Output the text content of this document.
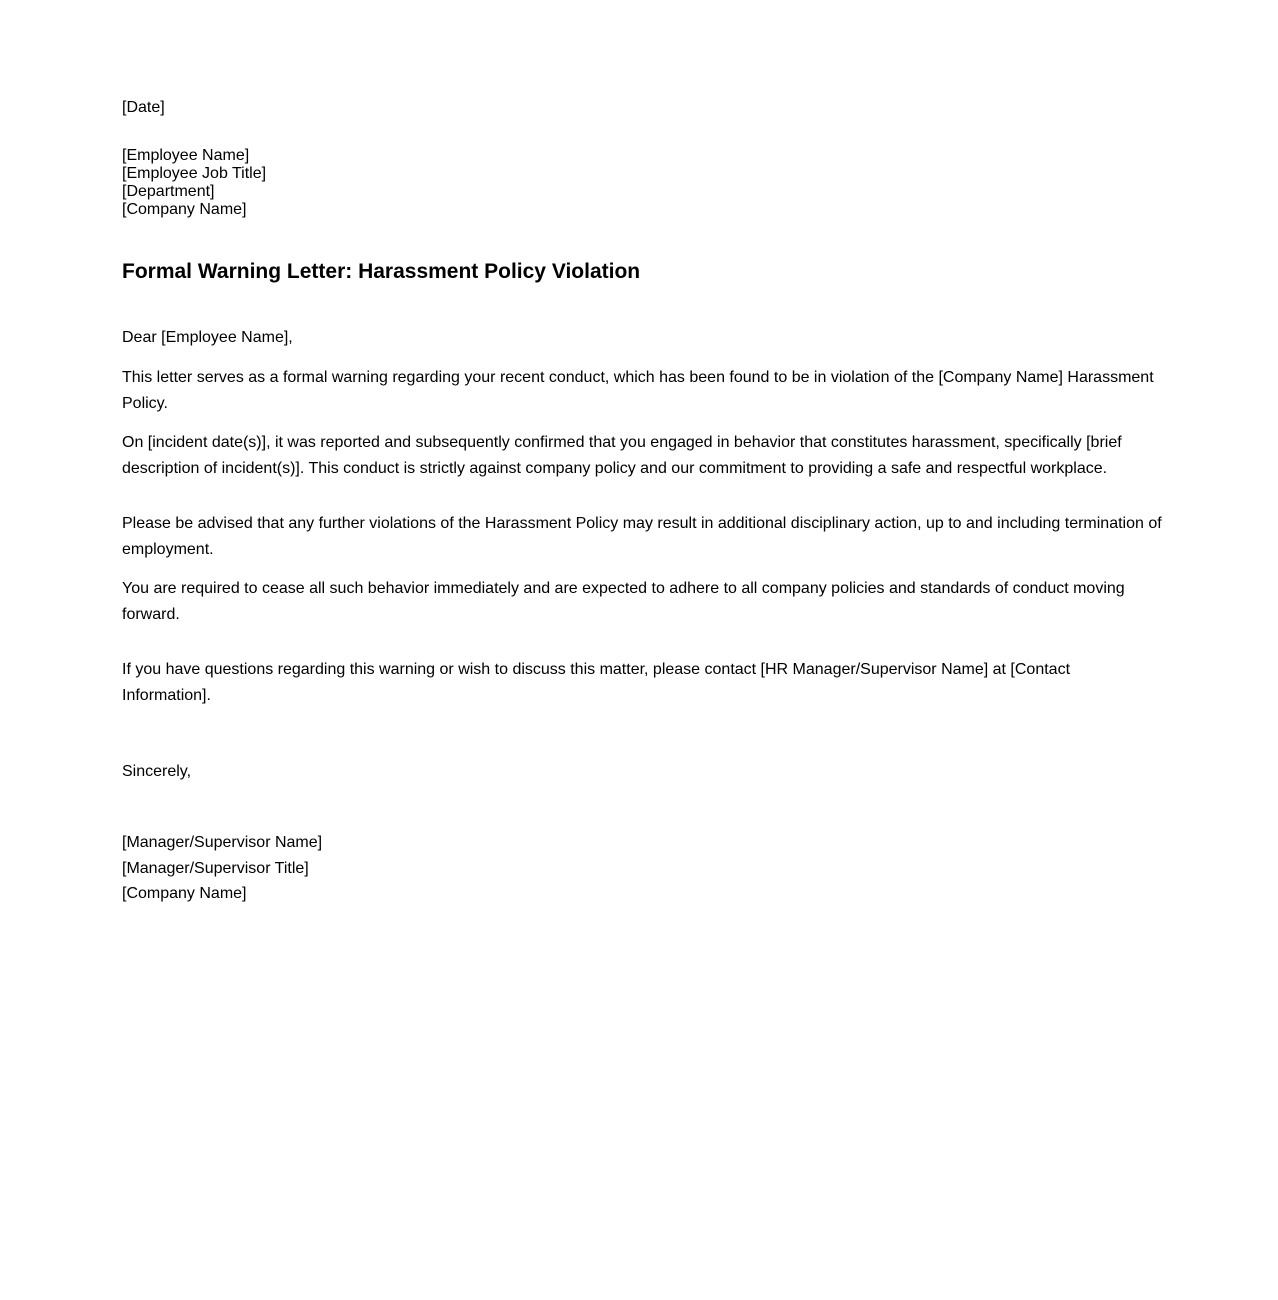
[Date]
[Employee Name]
[Employee Job Title]
[Department]
[Company Name]
Formal Warning Letter: Harassment Policy Violation
Dear [Employee Name],

This letter serves as a formal warning regarding your recent conduct, which has been found to be in violation of the [Company Name] Harassment Policy.

On [incident date(s)], it was reported and subsequently confirmed that you engaged in behavior that constitutes harassment, specifically [brief description of incident(s)]. This conduct is strictly against company policy and our commitment to providing a safe and respectful workplace.

Please be advised that any further violations of the Harassment Policy may result in additional disciplinary action, up to and including termination of employment.

You are required to cease all such behavior immediately and are expected to adhere to all company policies and standards of conduct moving forward.

If you have questions regarding this warning or wish to discuss this matter, please contact [HR Manager/Supervisor Name] at [Contact Information].

Sincerely,
[Manager/Supervisor Name]
[Manager/Supervisor Title]
[Company Name]
